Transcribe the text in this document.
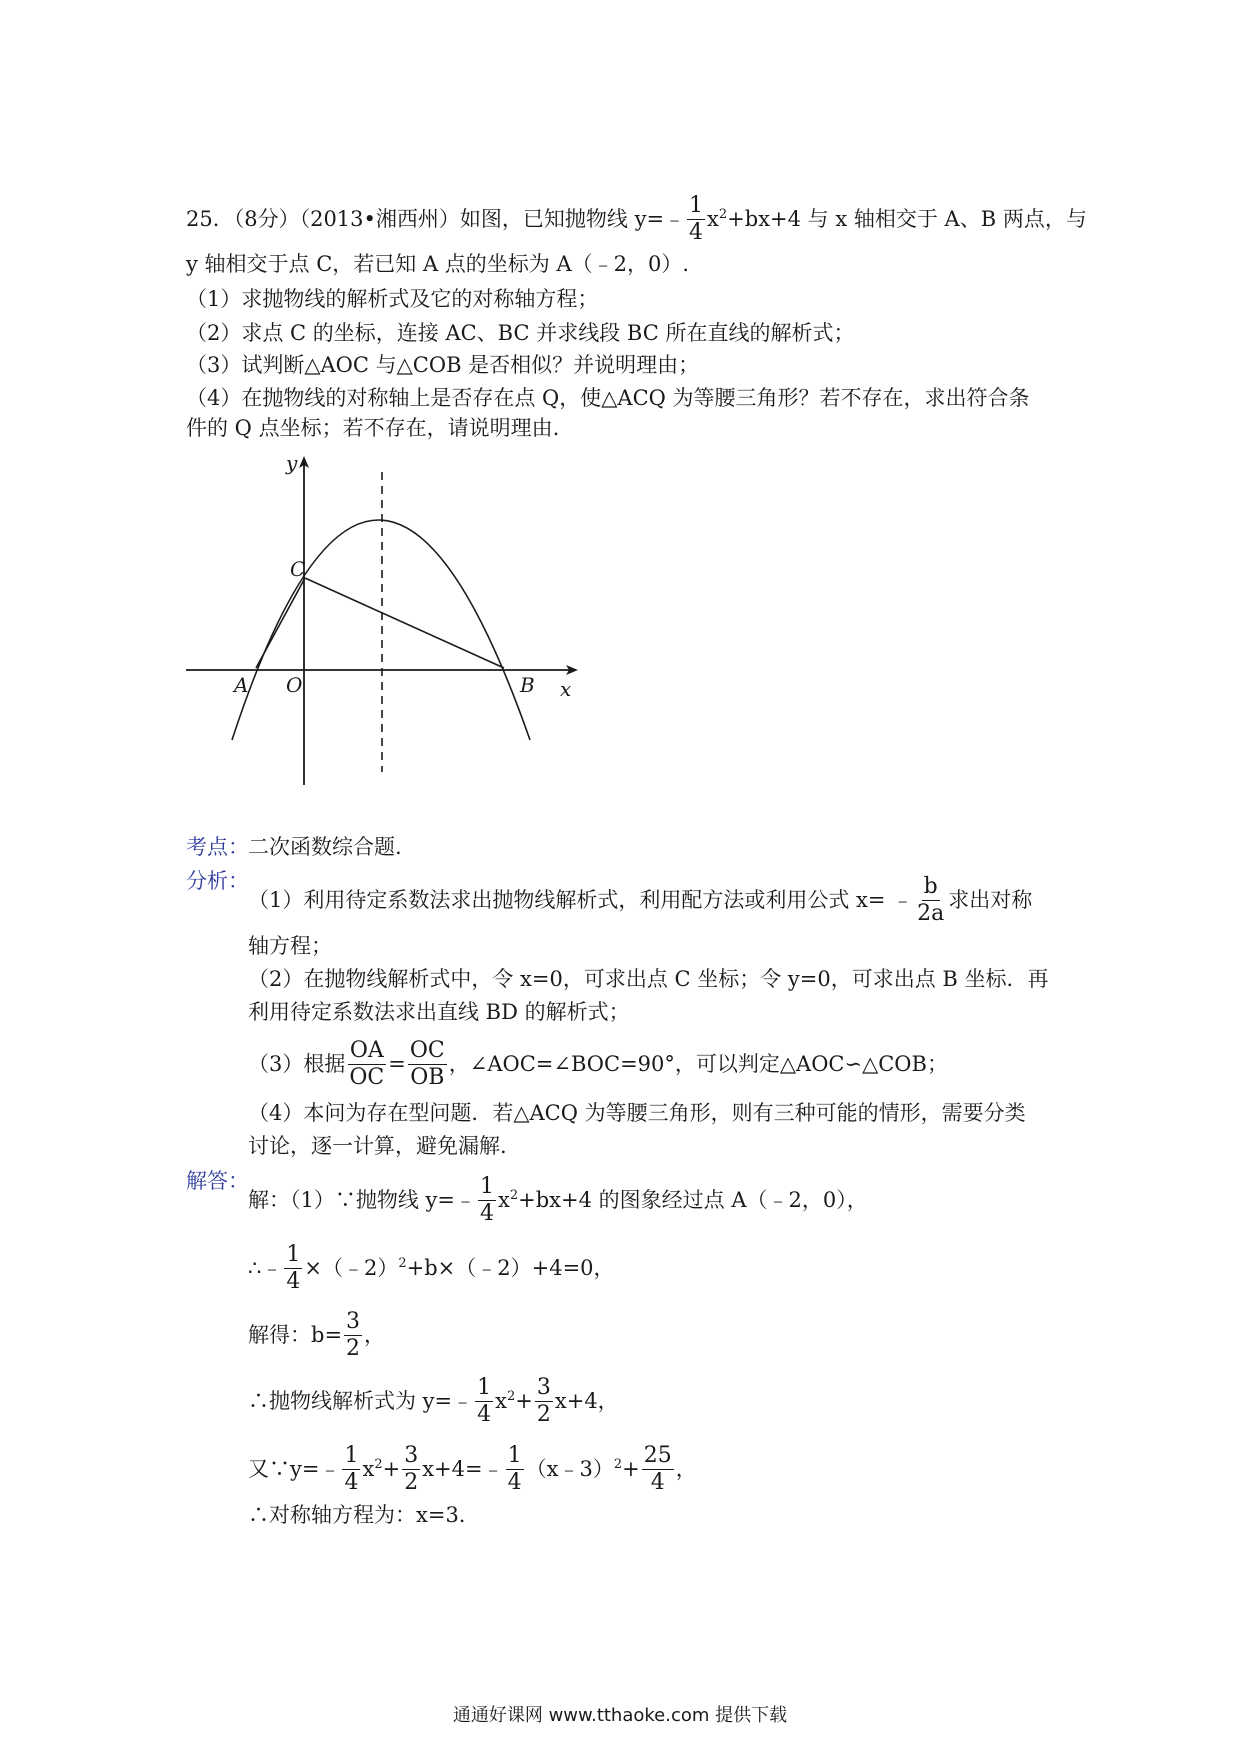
25．（8分）（2013•湘西州）如图，已知抛物线 y=﹣ $\frac{1}{4} x^2+bx+4$ 与 x 轴相交于 A、B 两点，与
y 轴相交于点 C，若已知 A 点的坐标为 A（﹣2，0）.
（1）求抛物线的解析式及它的对称轴方程；
（2）求点 C 的坐标，连接 AC、BC 并求线段 BC 所在直线的解析式；
（3）试判断△AOC 与△COB 是否相似？并说明理由；
（4）在抛物线的对称轴上是否存在点 Q，使△ACQ 为等腰三角形？若不存在，求出符合条
件的 Q 点坐标；若不存在，请说明理由.
y
x
C
A O	B
考点： 二次函数综合题.
分析：
（1）利用待定系数法求出抛物线解析式，利用配方法或利用公式 x= ﹣ $\frac{b}{2a}$ 求出对称
轴方程；
（2）在抛物线解析式中，令 x=0，可求出点 C 坐标；令 y=0，可求出点 B 坐标．再
利用待定系数法求出直线 BD 的解析式；
（3）根据 $\frac{OA}{OC} = \frac{OC}{OB}$ ，∠AOC=∠BOC=90°，可以判定△AOC∽△COB；
（4）本问为存在型问题．若△ACQ 为等腰三角形，则有三种可能的情形，需要分类
讨论，逐一计算，避免漏解.
解答：
解：（1）∵抛物线 y=﹣ $\frac{1}{4} x^2+bx+4$ 的图象经过点 A（﹣2，0），
∴﹣ $\frac{1}{4}$ ×（﹣2）$^2$+b×（﹣2）+4=0，
解得：$b= \frac{3}{2}$ ，
∴抛物线解析式为 y=﹣ $\frac{1}{4} x^2+ \frac{3}{2} x+4$，
又∵y=﹣ $\frac{1}{4} x^2+ \frac{3}{2}$ x+4=﹣ $\frac{1}{4}$ （x﹣3）$^2$+ $\frac{25}{4}$ ，
∴对称轴方程为：x=3.
通通好课网 www.tthaoke.com 提供下载
